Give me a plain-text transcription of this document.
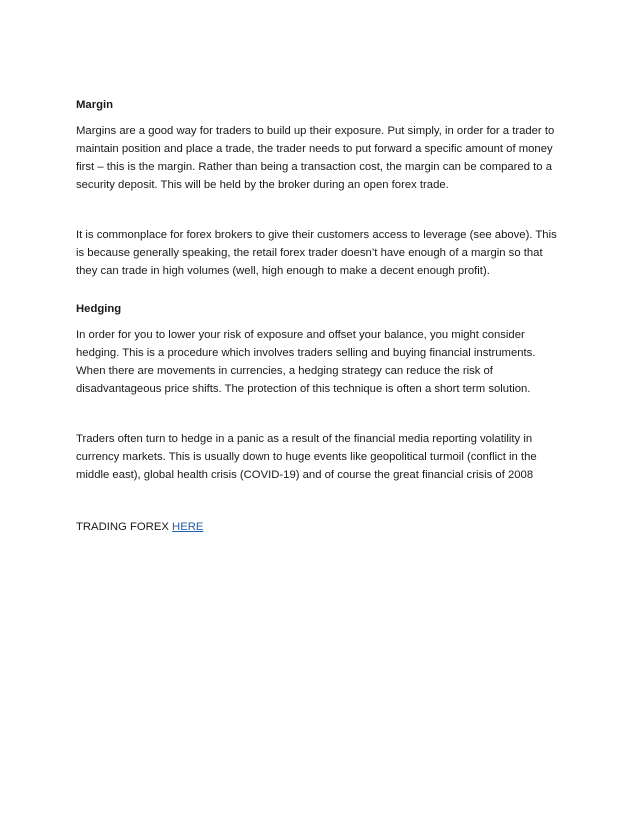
Margin

Margins are a good way for traders to build up their exposure. Put simply, in order for a trader to maintain position and place a trade, the trader needs to put forward a specific amount of money first – this is the margin. Rather than being a transaction cost, the margin can be compared to a security deposit. This will be held by the broker during an open forex trade.

It is commonplace for forex brokers to give their customers access to leverage (see above). This is because generally speaking, the retail forex trader doesn’t have enough of a margin so that they can trade in high volumes (well, high enough to make a decent enough profit).

Hedging

In order for you to lower your risk of exposure and offset your balance, you might consider hedging. This is a procedure which involves traders selling and buying financial instruments. When there are movements in currencies, a hedging strategy can reduce the risk of disadvantageous price shifts. The protection of this technique is often a short term solution.

Traders often turn to hedge in a panic as a result of the financial media reporting volatility in currency markets. This is usually down to huge events like geopolitical turmoil (conflict in the middle east), global health crisis (COVID-19) and of course the great financial crisis of 2008

TRADING FOREX HERE
